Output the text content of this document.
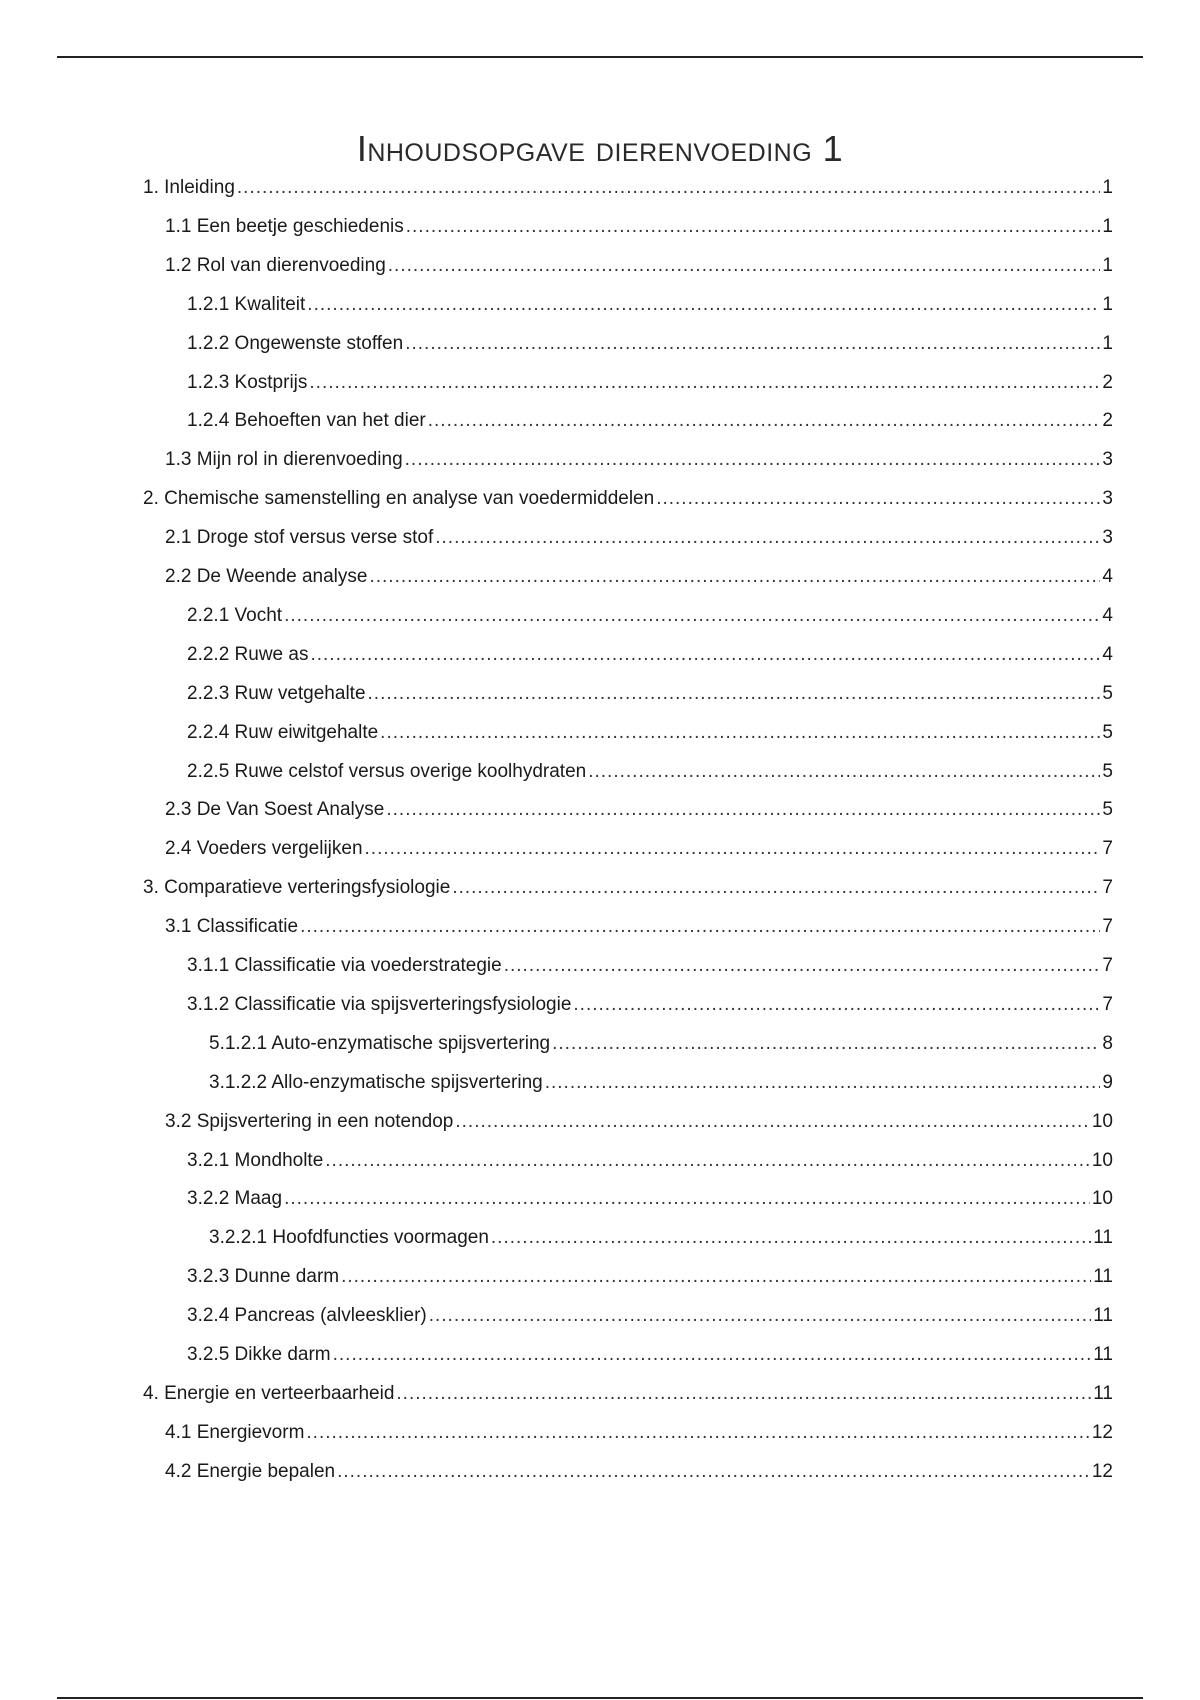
Inhoudsopgave dierenvoeding 1
1. Inleiding .....	1
1.1 Een beetje geschiedenis .....	1
1.2 Rol van dierenvoeding .....	1
1.2.1 Kwaliteit .....	1
1.2.2 Ongewenste stoffen .....	1
1.2.3 Kostprijs .....	2
1.2.4 Behoeften van het dier .....	2
1.3 Mijn rol in dierenvoeding .....	3
2. Chemische samenstelling en analyse van voedermiddelen .....	3
2.1 Droge stof versus verse stof .....	3
2.2 De Weende analyse .....	4
2.2.1 Vocht .....	4
2.2.2 Ruwe as .....	4
2.2.3 Ruw vetgehalte .....	5
2.2.4 Ruw eiwitgehalte .....	5
2.2.5 Ruwe celstof versus overige koolhydraten .....	5
2.3 De Van Soest Analyse .....	5
2.4 Voeders vergelijken .....	7
3. Comparatieve verteringsfysiologie .....	7
3.1 Classificatie .....	7
3.1.1 Classificatie via voederstrategie .....	7
3.1.2 Classificatie via spijsverteringsfysiologie .....	7
5.1.2.1 Auto-enzymatische spijsvertering .....	8
3.1.2.2 Allo-enzymatische spijsvertering .....	9
3.2 Spijsvertering in een notendop .....	10
3.2.1 Mondholte .....	10
3.2.2 Maag .....	10
3.2.2.1 Hoofdfuncties voormagen .....	11
3.2.3 Dunne darm .....	11
3.2.4 Pancreas (alvleesklier) .....	11
3.2.5 Dikke darm .....	11
4. Energie en verteerbaarheid .....	11
4.1 Energievorm .....	12
4.2 Energie bepalen .....	12
